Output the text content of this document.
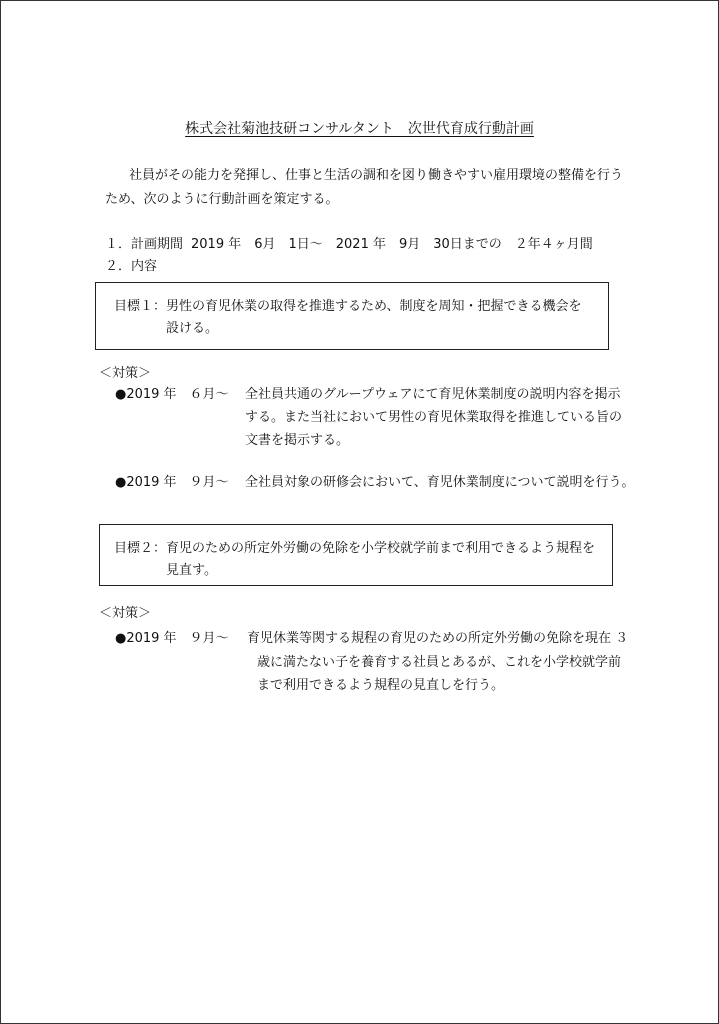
株式会社菊池技研コンサルタント　次世代育成行動計画
社員がその能力を発揮し、仕事と生活の調和を図り働きやすい雇用環境の整備を行う
ため、次のように行動計画を策定する。
１．計画期間 2019 年　6月　1日～　2021 年　9月　30日までの　２年４ヶ月間
２．内容
目標１： 男性の育児休業の取得を推進するため、制度を周知・把握できる機会を
設ける。
＜対策＞
●2019 年　６月～ 全社員共通のグループウェアにて育児休業制度の説明内容を掲示
する。また当社において男性の育児休業取得を推進している旨の
文書を掲示する。
●2019 年　９月～ 全社員対象の研修会において、育児休業制度について説明を行う。
目標２： 育児のための所定外労働の免除を小学校就学前まで利用できるよう規程を
見直す。
＜対策＞
●2019 年　９月～ 育児休業等関する規程の育児のための所定外労働の免除を現在 ３
歳に満たない子を養育する社員とあるが、これを小学校就学前
まで利用できるよう規程の見直しを行う。
